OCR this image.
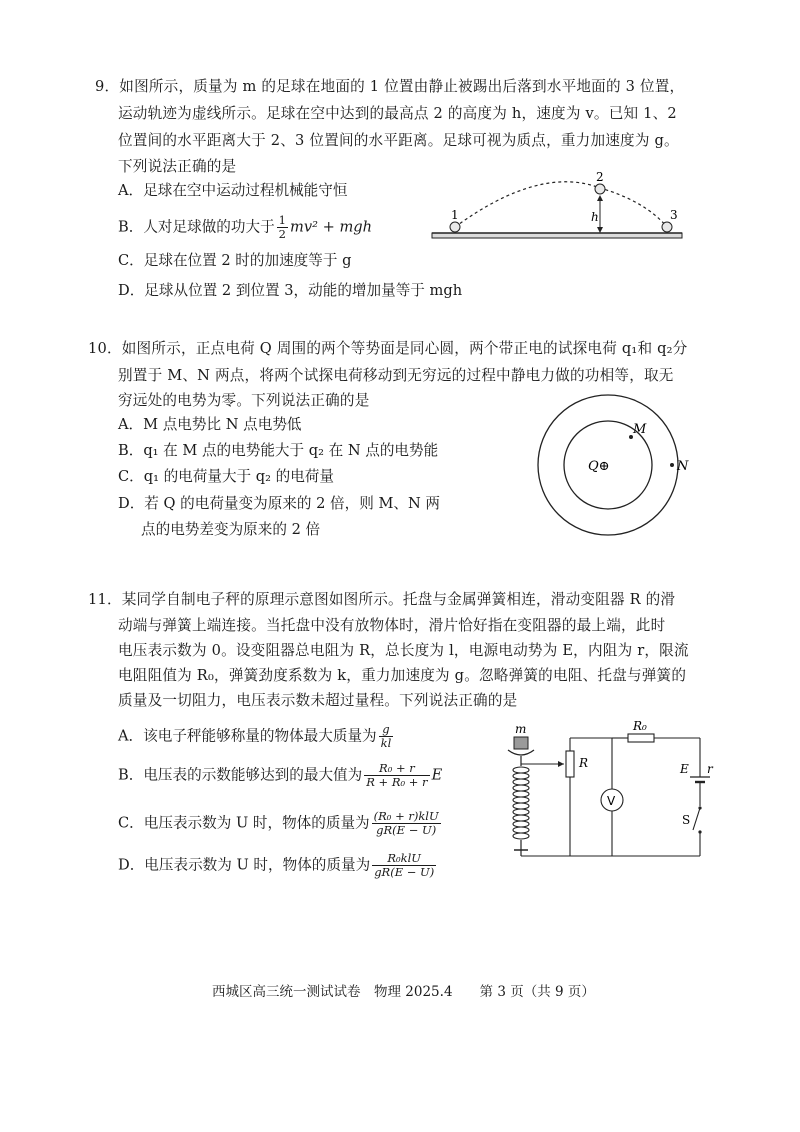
9．如图所示，质量为 m 的足球在地面的 1 位置由静止被踢出后落到水平地面的 3 位置，
运动轨迹为虚线所示。足球在空中达到的最高点 2 的高度为 h，速度为 v。已知 1、2
位置间的水平距离大于 2、3 位置间的水平距离。足球可视为质点，重力加速度为 g。
下列说法正确的是
A．足球在空中运动过程机械能守恒
B．人对足球做的功大于 $\frac{1}{2} mv^2$ + mgh
C．足球在位置 2 时的加速度等于 g
D．足球从位置 2 到位置 3，动能的增加量等于 mgh
1
2
3
h
10．如图所示，正点电荷 Q 周围的两个等势面是同心圆，两个带正电的试探电荷 q₁和 q₂分
别置于 M、N 两点，将两个试探电荷移动到无穷远的过程中静电力做的功相等，取无
穷远处的电势为零。下列说法正确的是
A．M 点电势比 N 点电势低
B．q₁ 在 M 点的电势能大于 q₂ 在 N 点的电势能
C．q₁ 的电荷量大于 q₂ 的电荷量
D．若 Q 的电荷量变为原来的 2 倍，则 M、N 两
点的电势差变为原来的 2 倍
Q⊕
M
N
11．某同学自制电子秤的原理示意图如图所示。托盘与金属弹簧相连，滑动变阻器 R 的滑
动端与弹簧上端连接。当托盘中没有放物体时，滑片恰好指在变阻器的最上端，此时
电压表示数为 0。设变阻器总电阻为 R，总长度为 l，电源电动势为 E，内阻为 r，限流
电阻阻值为 R₀，弹簧劲度系数为 k，重力加速度为 g。忽略弹簧的电阻、托盘与弹簧的
质量及一切阻力，电压表示数未超过量程。下列说法正确的是
A．该电子秤能够称量的物体最大质量为 $\frac{g}{kl}$
B．电压表的示数能够达到的最大值为 $\frac{\text{R₀ + r}}{\text{R + R₀ + r}}$ E
C．电压表示数为 U 时，物体的质量为 $\frac{\text{(R₀ + r)klU}}{gR(E - U)}$
D．电压表示数为 U 时，物体的质量为 $\frac{\text{R₀klU}}{gR(E - U)}$
m
R
V
R₀
E r
S
西城区高三统一测试试卷　物理 2025.4　　第 3 页（共 9 页）
